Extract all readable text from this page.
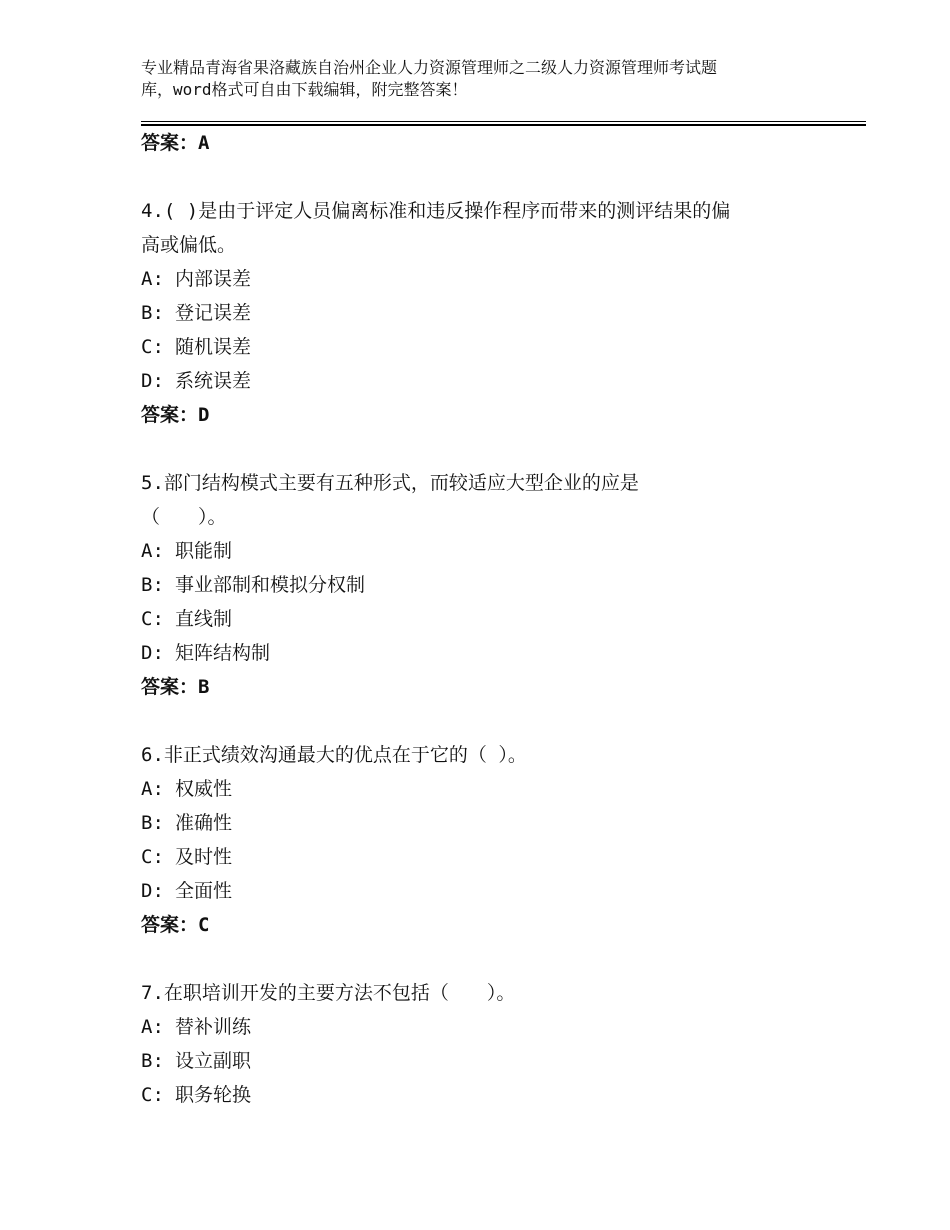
专业精品青海省果洛藏族自治州企业人力资源管理师之二级人力资源管理师考试题
库，word格式可自由下载编辑，附完整答案！
答案：A
4.( )是由于评定人员偏离标准和违反操作程序而带来的测评结果的偏
高或偏低。
A: 内部误差
B: 登记误差
C: 随机误差
D: 系统误差
答案：D
5.部门结构模式主要有五种形式，而较适应大型企业的应是
（　　）。
A: 职能制
B: 事业部制和模拟分权制
C: 直线制
D: 矩阵结构制
答案：B
6.非正式绩效沟通最大的优点在于它的（ ）。
A: 权威性
B: 准确性
C: 及时性
D: 全面性
答案：C
7.在职培训开发的主要方法不包括（　　）。
A: 替补训练
B: 设立副职
C: 职务轮换
